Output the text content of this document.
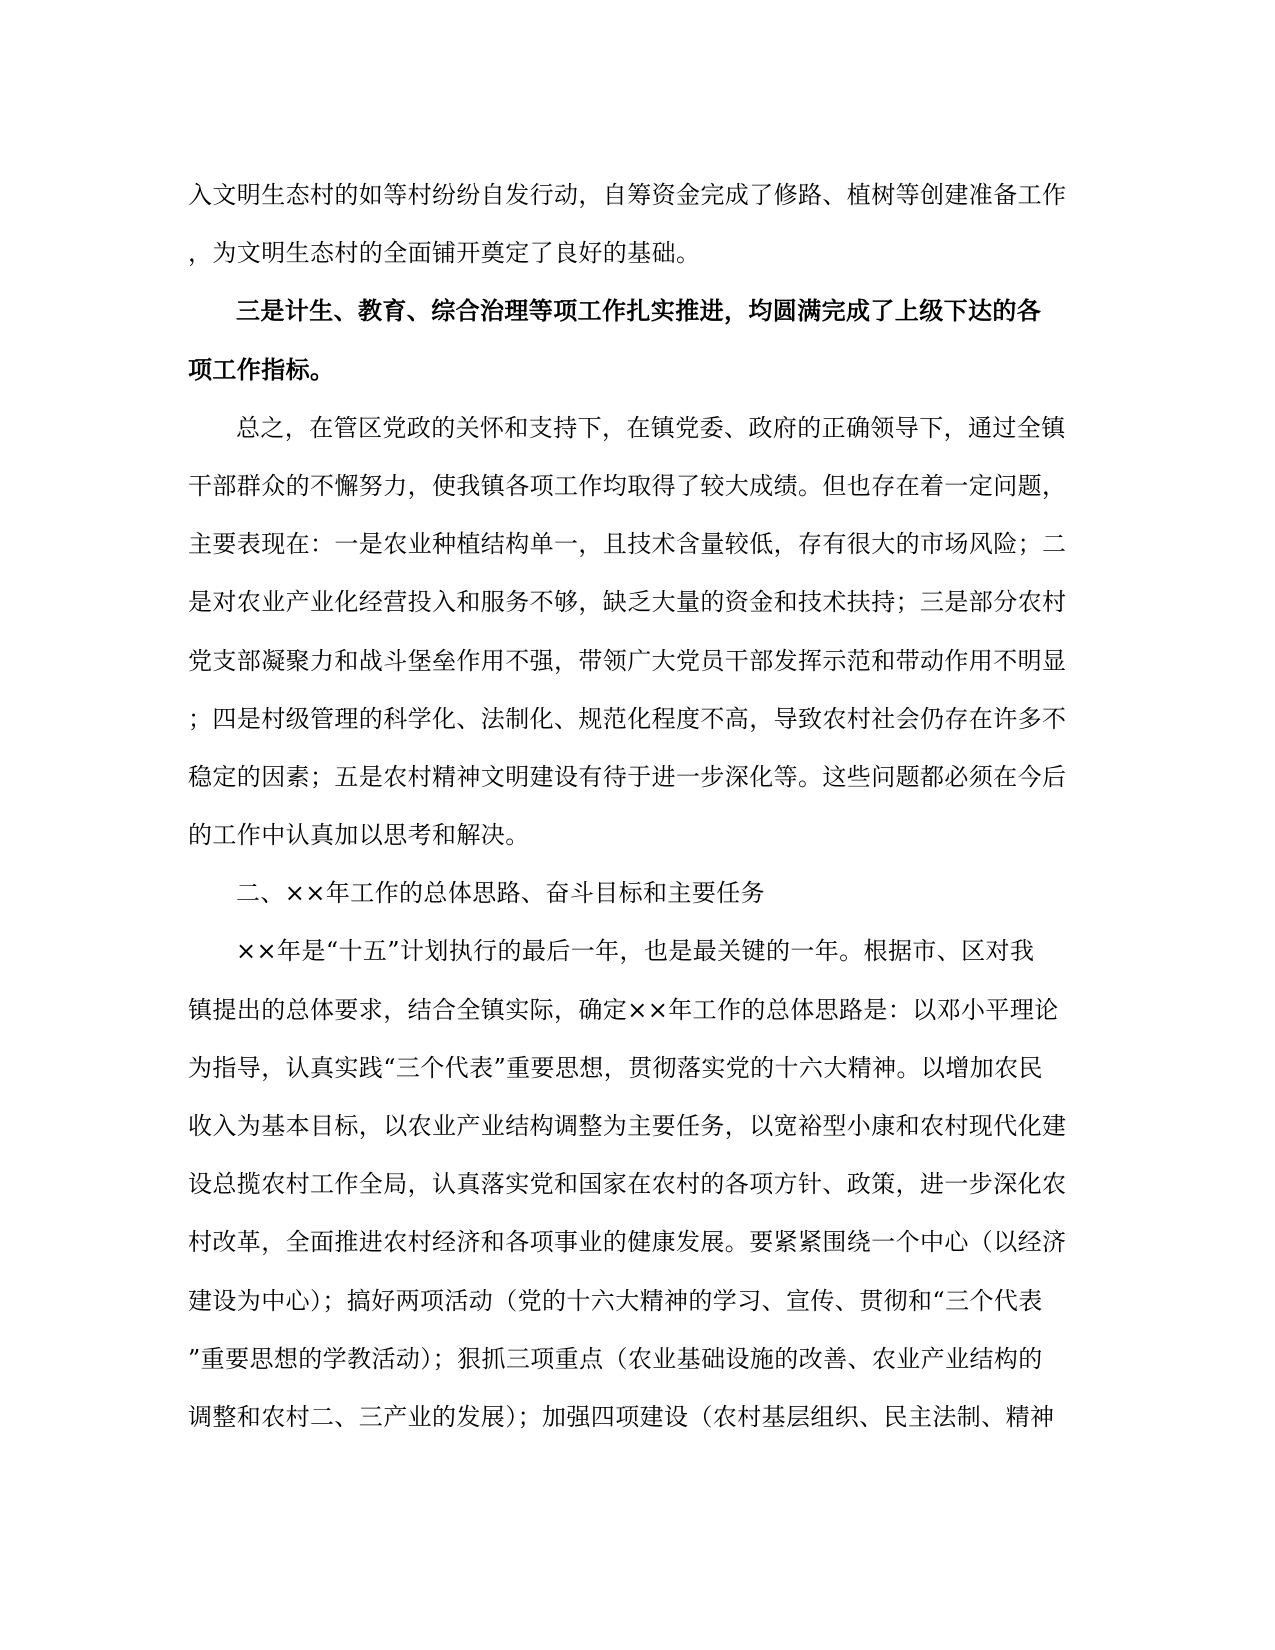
入文明生态村的如等村纷纷自发行动，自筹资金完成了修路、植树等创建准备工作
，为文明生态村的全面铺开奠定了良好的基础。
三是计生、教育、综合治理等项工作扎实推进，均圆满完成了上级下达的各
项工作指标。
总之，在管区党政的关怀和支持下，在镇党委、政府的正确领导下，通过全镇
干部群众的不懈努力，使我镇各项工作均取得了较大成绩。但也存在着一定问题，
主要表现在：一是农业种植结构单一，且技术含量较低，存有很大的市场风险；二
是对农业产业化经营投入和服务不够，缺乏大量的资金和技术扶持；三是部分农村
党支部凝聚力和战斗堡垒作用不强，带领广大党员干部发挥示范和带动作用不明显
；四是村级管理的科学化、法制化、规范化程度不高，导致农村社会仍存在许多不
稳定的因素；五是农村精神文明建设有待于进一步深化等。这些问题都必须在今后
的工作中认真加以思考和解决。
二、××年工作的总体思路、奋斗目标和主要任务
××年是“十五”计划执行的最后一年，也是最关键的一年。根据市、区对我
镇提出的总体要求，结合全镇实际，确定××年工作的总体思路是：以邓小平理论
为指导，认真实践“三个代表”重要思想，贯彻落实党的十六大精神。以增加农民
收入为基本目标，以农业产业结构调整为主要任务，以宽裕型小康和农村现代化建
设总揽农村工作全局，认真落实党和国家在农村的各项方针、政策，进一步深化农
村改革，全面推进农村经济和各项事业的健康发展。要紧紧围绕一个中心（以经济
建设为中心）；搞好两项活动（党的十六大精神的学习、宣传、贯彻和“三个代表
”重要思想的学教活动）；狠抓三项重点（农业基础设施的改善、农业产业结构的
调整和农村二、三产业的发展）；加强四项建设（农村基层组织、民主法制、精神
